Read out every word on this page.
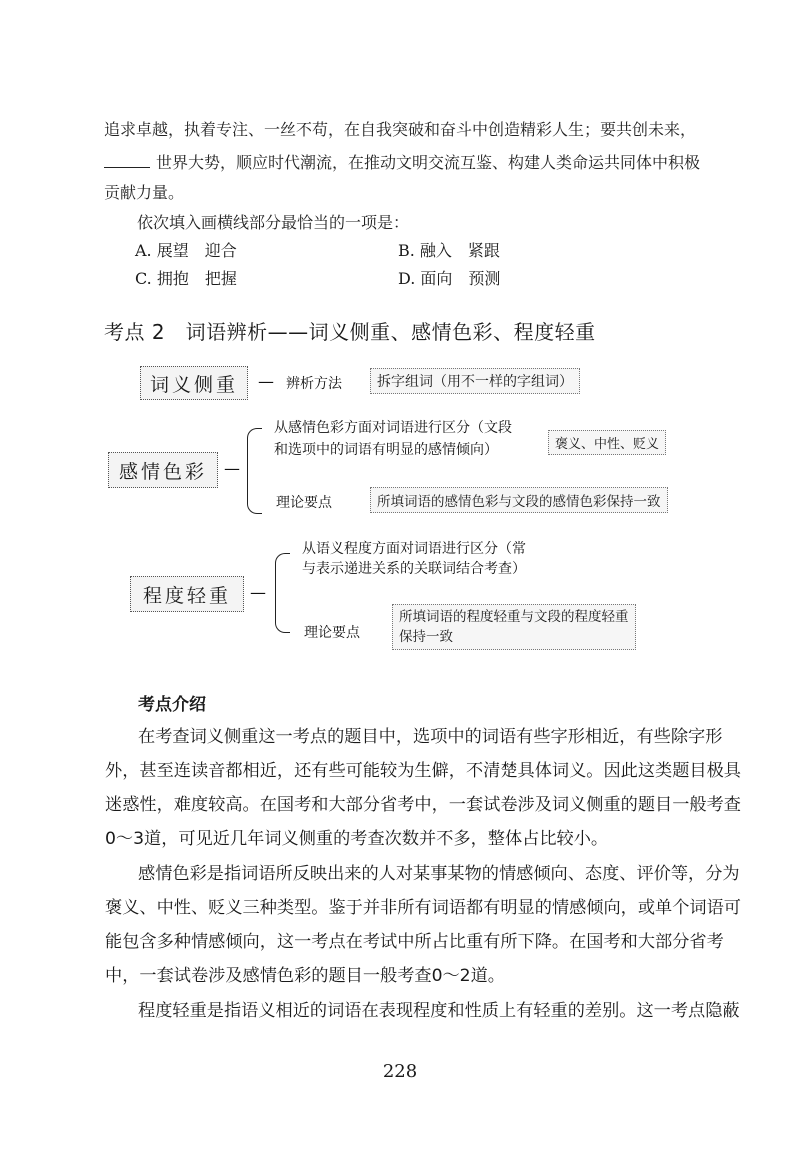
追求卓越，执着专注、一丝不苟，在自我突破和奋斗中创造精彩人生；要共创未来，
世界大势，顺应时代潮流，在推动文明交流互鉴、构建人类命运共同体中积极
贡献力量。
依次填入画横线部分最恰当的一项是：
A. 展望　迎合	B. 融入　紧跟
C. 拥抱　把握	D. 面向　预测
考点 2　词语辨析——词义侧重、感情色彩、程度轻重
词义侧重	— 辨析方法	拆字组词（用不一样的字组词）
感情色彩	—
从感情色彩方面对词语进行区分（文段
和选项中的词语有明显的感情倾向）	褒义、中性、贬义
理论要点	所填词语的感情色彩与文段的感情色彩保持一致
程度轻重	—
从语义程度方面对词语进行区分（常
与表示递进关系的关联词结合考查）
理论要点
所填词语的程度轻重与文段的程度轻重
保持一致
考点介绍
在考查词义侧重这一考点的题目中，选项中的词语有些字形相近，有些除字形
外，甚至连读音都相近，还有些可能较为生僻，不清楚具体词义。因此这类题目极具
迷惑性，难度较高。在国考和大部分省考中，一套试卷涉及词义侧重的题目一般考查
0～3道，可见近几年词义侧重的考查次数并不多，整体占比较小。
感情色彩是指词语所反映出来的人对某事某物的情感倾向、态度、评价等，分为
褒义、中性、贬义三种类型。鉴于并非所有词语都有明显的情感倾向，或单个词语可
能包含多种情感倾向，这一考点在考试中所占比重有所下降。在国考和大部分省考
中，一套试卷涉及感情色彩的题目一般考查0～2道。
程度轻重是指语义相近的词语在表现程度和性质上有轻重的差别。这一考点隐蔽
228
